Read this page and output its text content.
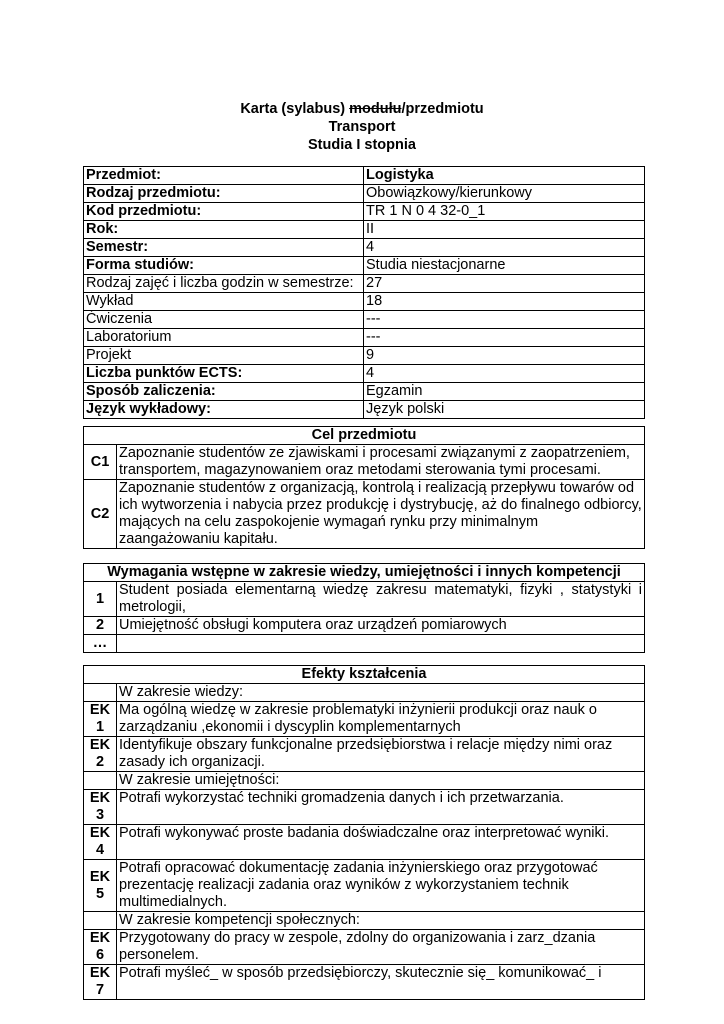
Karta (sylabus) modułu/przedmiotu
Transport
Studia I stopnia
Przedmiot:	Logistyka
Rodzaj przedmiotu:	Obowiązkowy/kierunkowy
Kod przedmiotu:	TR 1 N 0 4 32-0_1
Rok:	II
Semestr:	4
Forma studiów:	Studia niestacjonarne
Rodzaj zajęć i liczba godzin w semestrze:	27
Wykład	18
Ćwiczenia	---
Laboratorium	---
Projekt	9
Liczba punktów ECTS:	4
Sposób zaliczenia:	Egzamin
Język wykładowy:	Język polski
Cel przedmiotu	
C1	Zapoznanie studentów ze zjawiskami i procesami związanymi z zaopatrzeniem, transportem, magazynowaniem oraz metodami sterowania tymi procesami.
C2	Zapoznanie studentów z organizacją, kontrolą i realizacją przepływu towarów od ich wytworzenia i nabycia przez produkcję i dystrybucję, aż do finalnego odbiorcy, mających na celu zaspokojenie wymagań rynku przy minimalnym zaangażowaniu kapitału.
Wymagania wstępne w zakresie wiedzy, umiejętności i innych kompetencji	
1	Student posiada elementarną wiedzę zakresu matematyki, fizyki , statystyki i metrologii,
2	Umiejętność obsługi komputera oraz urządzeń pomiarowych
…	
Efekty kształcenia	
	W zakresie wiedzy:
EK 1	Ma ogólną wiedzę w zakresie problematyki inżynierii produkcji oraz nauk o zarządzaniu ,ekonomii i dyscyplin komplementarnych
EK 2	Identyfikuje obszary funkcjonalne przedsiębiorstwa i relacje między nimi oraz zasady ich organizacji.
	W zakresie umiejętności:
EK 3	Potrafi wykorzystać techniki gromadzenia danych i ich przetwarzania.
EK 4	Potrafi wykonywać proste badania doświadczalne oraz interpretować wyniki.
EK 5	Potrafi opracować dokumentację zadania inżynierskiego oraz przygotować prezentację realizacji zadania oraz wyników z wykorzystaniem technik multimedialnych.
	W zakresie kompetencji społecznych:
EK 6	Przygotowany do pracy w zespole, zdolny do organizowania i zarz_dzania personelem.
EK 7	Potrafi myśleć_ w sposób przedsiębiorczy, skutecznie się_ komunikować_ i
